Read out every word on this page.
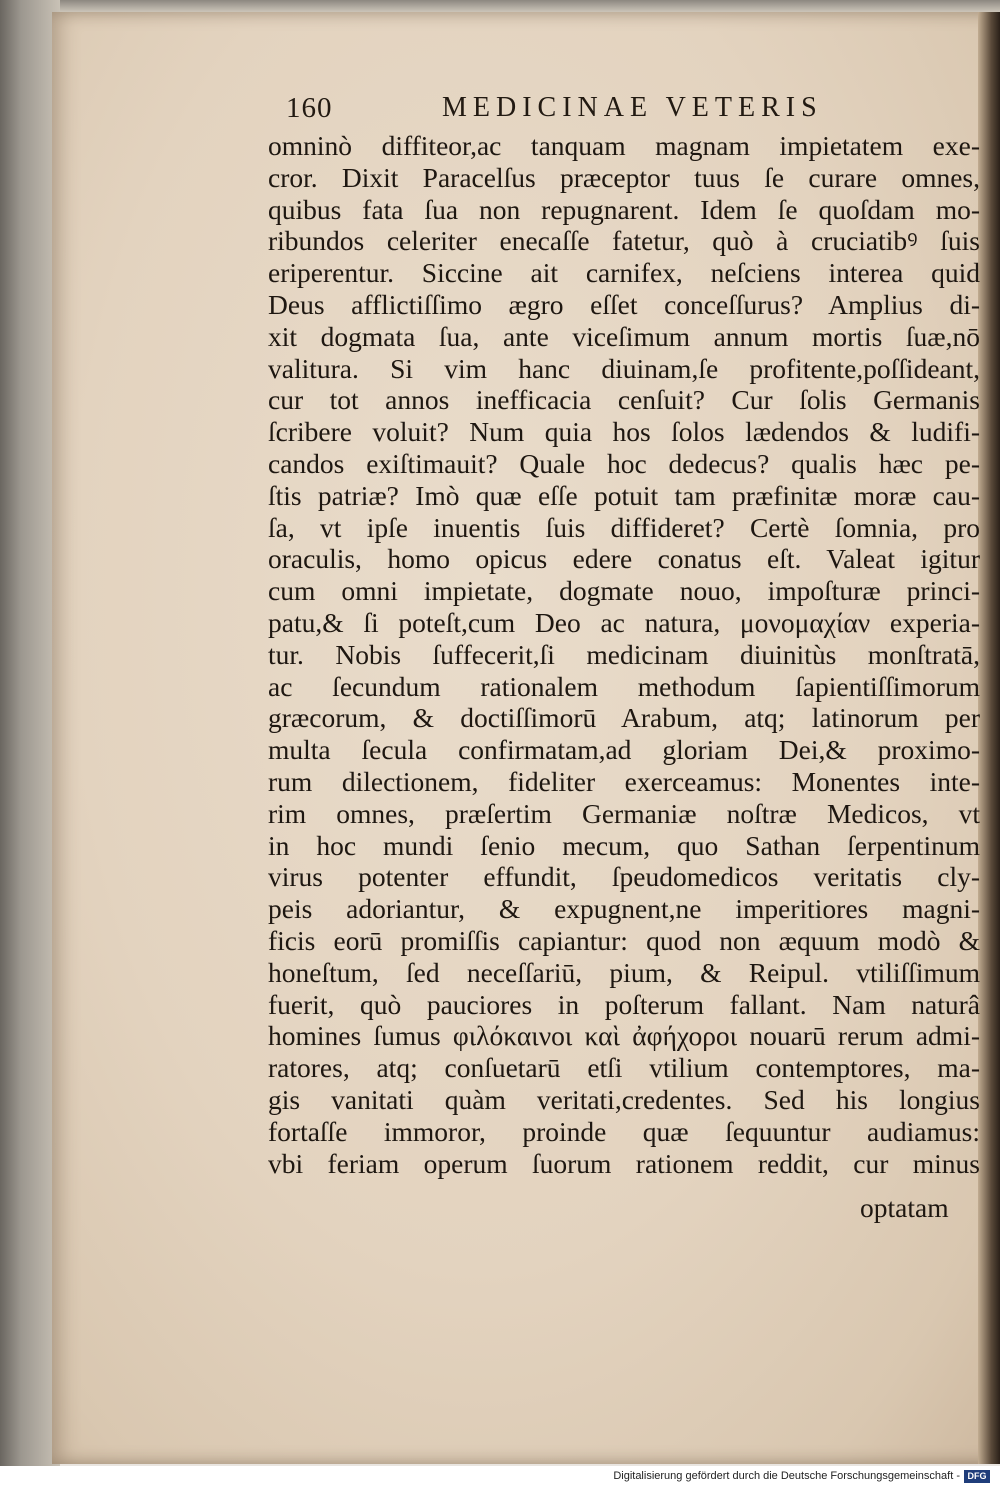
160	MEDICINAE VETERIS
omninò diffiteor,ac tanquam magnam impietatem exe-
cror. Dixit Paracelſus præceptor tuus ſe curare omnes,
quibus fata ſua non repugnarent. Idem ſe quoſdam mo-
ribundos celeriter enecaſſe fatetur, quò à cruciatibꝰ ſuis
eriperentur. Siccine ait carnifex, neſciens interea quid
Deus afflictiſſimo ægro eſſet conceſſurus? Amplius di-
xit dogmata ſua, ante viceſimum annum mortis ſuæ,nō
valitura. Si vim hanc diuinam,ſe profitente,poſſideant,
cur tot annos inefficacia cenſuit? Cur ſolis Germanis
ſcribere voluit? Num quia hos ſolos lædendos & ludifi-
candos exiſtimauit? Quale hoc dedecus? qualis hæc pe-
ſtis patriæ? Imò quæ eſſe potuit tam præfinitæ moræ cau-
ſa, vt ipſe inuentis ſuis diffideret? Certè ſomnia, pro
oraculis, homo opicus edere conatus eſt. Valeat igitur
cum omni impietate, dogmate nouo, impoſturæ princi-
patu,& ſi poteſt,cum Deo ac natura, μονομαχίαν experia-
tur. Nobis ſuffecerit,ſi medicinam diuinitùs monſtratā,
ac ſecundum rationalem methodum ſapientiſſimorum
græcorum, & doctiſſimorū Arabum, atq; latinorum per
multa ſecula confirmatam,ad gloriam Dei,& proximo-
rum dilectionem, fideliter exerceamus: Monentes inte-
rim omnes, præſertim Germaniæ noſtræ Medicos, vt
in hoc mundi ſenio mecum, quo Sathan ſerpentinum
virus potenter effundit, ſpeudomedicos veritatis cly-
peis adoriantur, & expugnent,ne imperitiores magni-
ficis eorū promiſſis capiantur: quod non æquum modò &
honeſtum, ſed neceſſariū, pium, & Reipul. vtiliſſimum
fuerit, quò pauciores in poſterum fallant. Nam naturâ
homines ſumus φιλόκαινοι καὶ ἀφήχοροι nouarū rerum admi-
ratores, atq; conſuetarū etſi vtilium contemptores, ma-
gis vanitati quàm veritati,credentes. Sed his longius
fortaſſe immoror, proinde quæ ſequuntur audiamus:
vbi feriam operum ſuorum rationem reddit, cur minus
optatam
Digitalisierung gefördert durch die Deutsche Forschungsgemeinschaft - DFG
